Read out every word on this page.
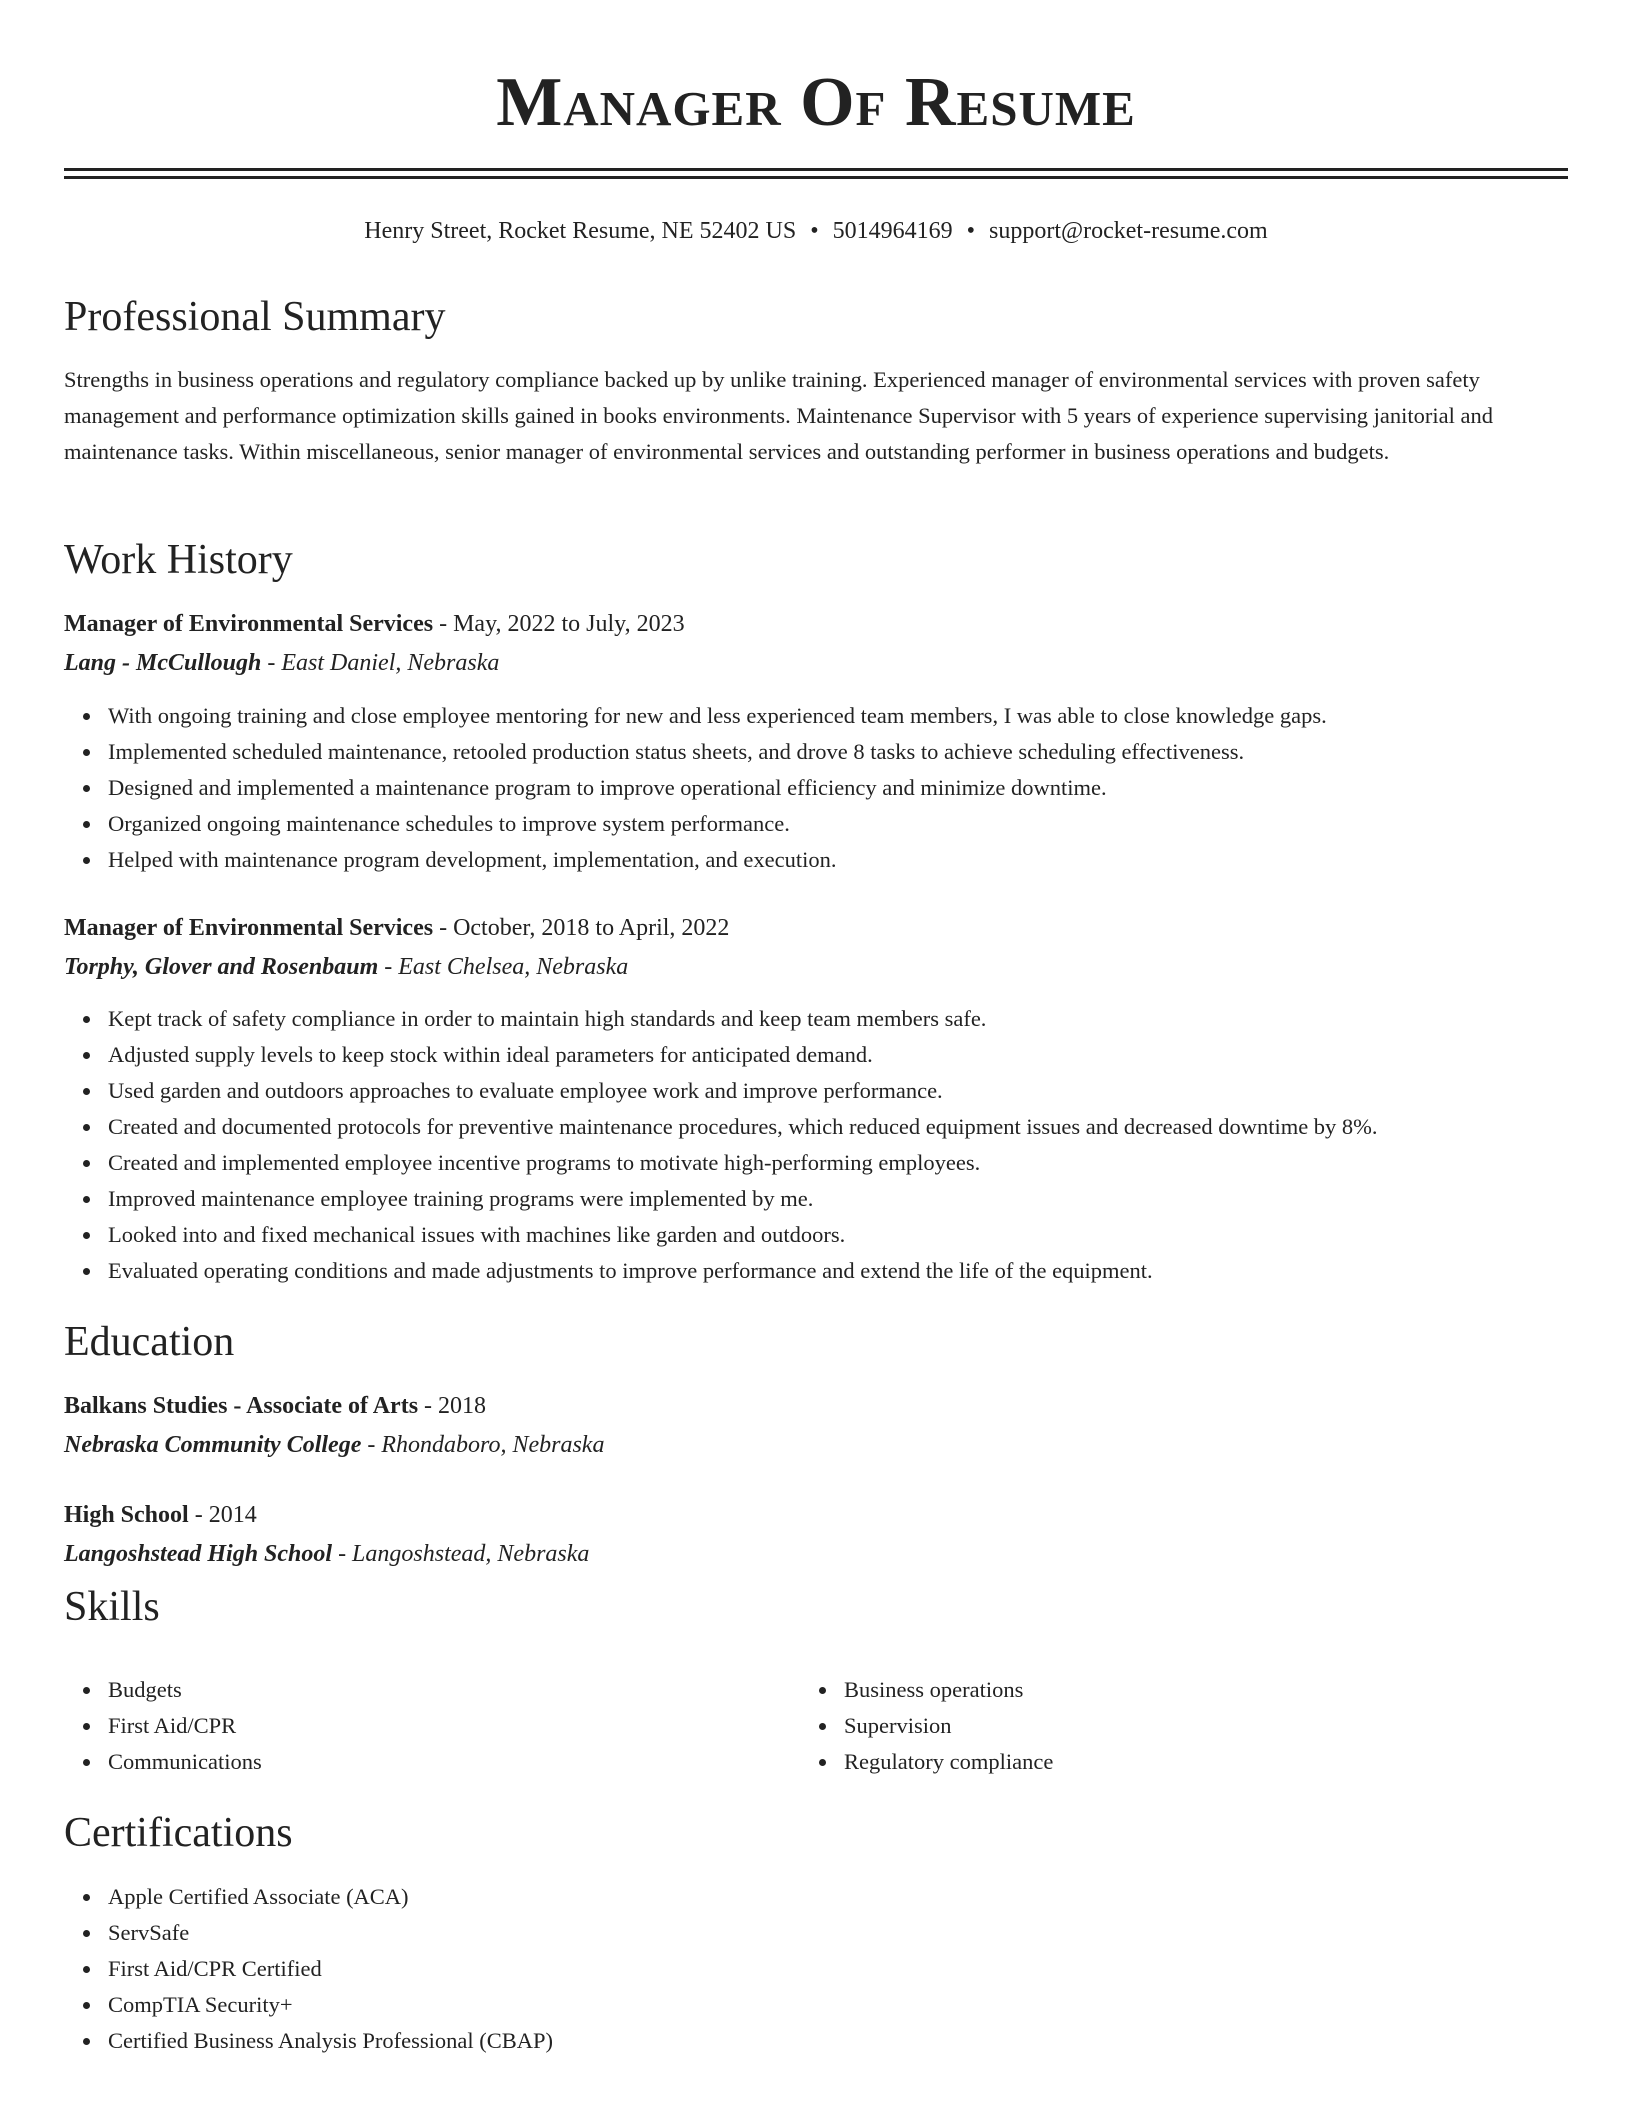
Manager Of Resume
Henry Street, Rocket Resume, NE 52402 US • 5014964169 • support@rocket-resume.com
Professional Summary
Strengths in business operations and regulatory compliance backed up by unlike training. Experienced manager of environmental services with proven safety management and performance optimization skills gained in books environments. Maintenance Supervisor with 5 years of experience supervising janitorial and maintenance tasks. Within miscellaneous, senior manager of environmental services and outstanding performer in business operations and budgets.
Work History
Manager of Environmental Services - May, 2022 to July, 2023
Lang - McCullough - East Daniel, Nebraska
With ongoing training and close employee mentoring for new and less experienced team members, I was able to close knowledge gaps.
Implemented scheduled maintenance, retooled production status sheets, and drove 8 tasks to achieve scheduling effectiveness.
Designed and implemented a maintenance program to improve operational efficiency and minimize downtime.
Organized ongoing maintenance schedules to improve system performance.
Helped with maintenance program development, implementation, and execution.
Manager of Environmental Services - October, 2018 to April, 2022
Torphy, Glover and Rosenbaum - East Chelsea, Nebraska
Kept track of safety compliance in order to maintain high standards and keep team members safe.
Adjusted supply levels to keep stock within ideal parameters for anticipated demand.
Used garden and outdoors approaches to evaluate employee work and improve performance.
Created and documented protocols for preventive maintenance procedures, which reduced equipment issues and decreased downtime by 8%.
Created and implemented employee incentive programs to motivate high-performing employees.
Improved maintenance employee training programs were implemented by me.
Looked into and fixed mechanical issues with machines like garden and outdoors.
Evaluated operating conditions and made adjustments to improve performance and extend the life of the equipment.
Education
Balkans Studies - Associate of Arts - 2018
Nebraska Community College - Rhondaboro, Nebraska
High School - 2014
Langoshstead High School - Langoshstead, Nebraska
Skills
Budgets
First Aid/CPR
Communications
Business operations
Supervision
Regulatory compliance
Certifications
Apple Certified Associate (ACA)
ServSafe
First Aid/CPR Certified
CompTIA Security+
Certified Business Analysis Professional (CBAP)
